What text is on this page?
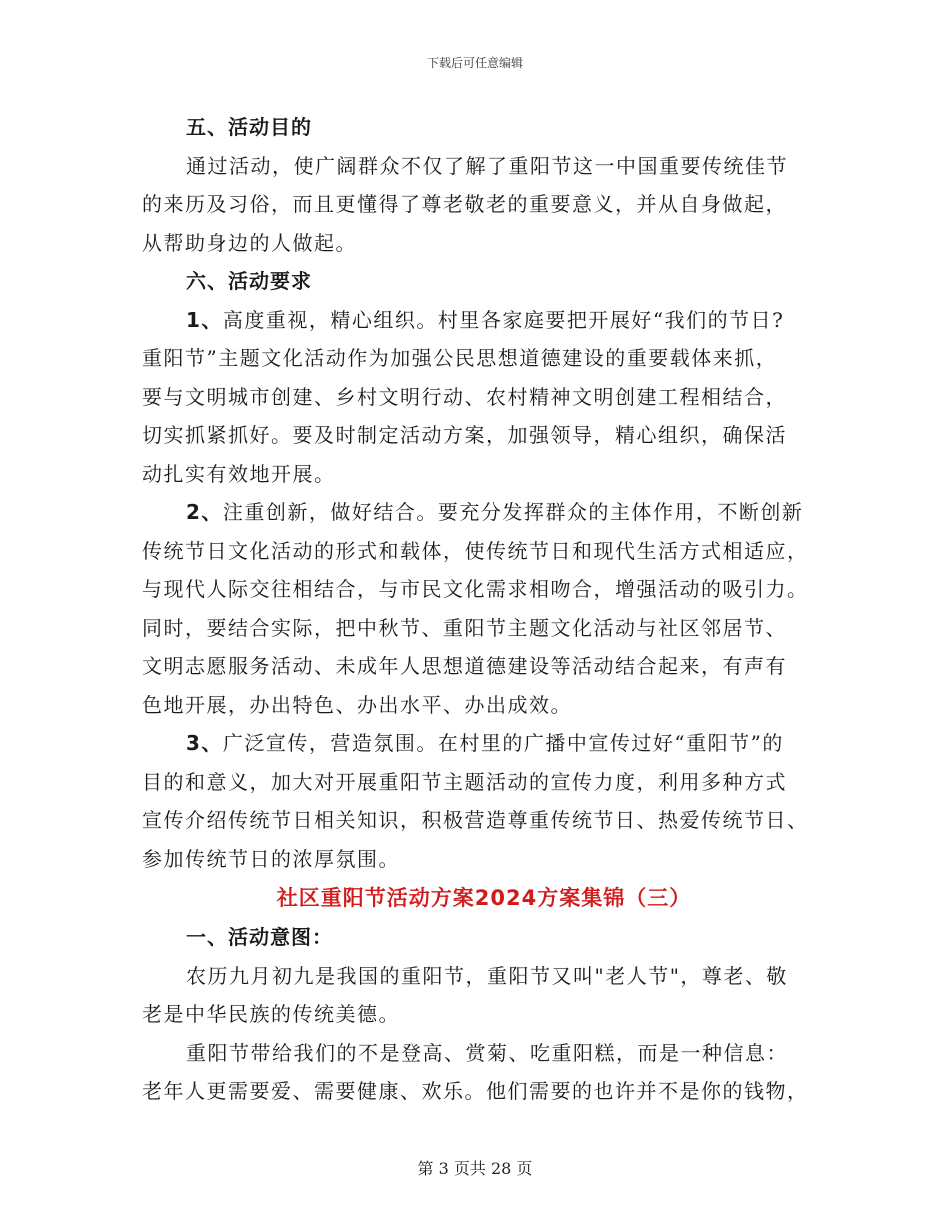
下载后可任意编辑
五、活动目的
通过活动，使广阔群众不仅了解了重阳节这一中国重要传统佳节
的来历及习俗，而且更懂得了尊老敬老的重要意义，并从自身做起，
从帮助身边的人做起。
六、活动要求
1、高度重视，精心组织。村里各家庭要把开展好“我们的节日?
重阳节”主题文化活动作为加强公民思想道德建设的重要载体来抓，
要与文明城市创建、乡村文明行动、农村精神文明创建工程相结合，
切实抓紧抓好。要及时制定活动方案，加强领导，精心组织，确保活
动扎实有效地开展。
2、注重创新，做好结合。要充分发挥群众的主体作用，不断创新
传统节日文化活动的形式和载体，使传统节日和现代生活方式相适应，
与现代人际交往相结合，与市民文化需求相吻合，增强活动的吸引力。
同时，要结合实际，把中秋节、重阳节主题文化活动与社区邻居节、
文明志愿服务活动、未成年人思想道德建设等活动结合起来，有声有
色地开展，办出特色、办出水平、办出成效。
3、广泛宣传，营造氛围。在村里的广播中宣传过好“重阳节”的
目的和意义，加大对开展重阳节主题活动的宣传力度，利用多种方式
宣传介绍传统节日相关知识，积极营造尊重传统节日、热爱传统节日、
参加传统节日的浓厚氛围。
社区重阳节活动方案2024方案集锦（三）
一、活动意图：
农历九月初九是我国的重阳节，重阳节又叫"老人节"，尊老、敬
老是中华民族的传统美德。
重阳节带给我们的不是登高、赏菊、吃重阳糕，而是一种信息：
老年人更需要爱、需要健康、欢乐。他们需要的也许并不是你的钱物，
第 3 页共 28 页
